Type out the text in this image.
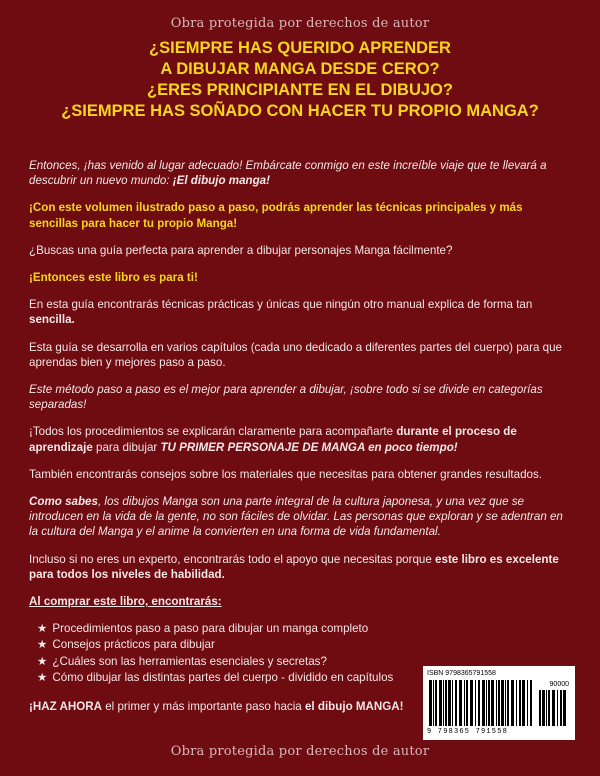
Obra protegida por derechos de autor
¿SIEMPRE HAS QUERIDO APRENDER
A DIBUJAR MANGA DESDE CERO?
¿ERES PRINCIPIANTE EN EL DIBUJO?
¿SIEMPRE HAS SOÑADO CON HACER TU PROPIO MANGA?

Entonces, ¡has venido al lugar adecuado! Embárcate conmigo en este increíble viaje que te llevará a descubrir un nuevo mundo: ¡El dibujo manga!

¡Con este volumen ilustrado paso a paso, podrás aprender las técnicas principales y más sencillas para hacer tu propio Manga!

¿Buscas una guía perfecta para aprender a dibujar personajes Manga fácilmente?

¡Entonces este libro es para ti!

En esta guía encontrarás técnicas prácticas y únicas que ningún otro manual explica de forma tan sencilla.

Esta guía se desarrolla en varios capítulos (cada uno dedicado a diferentes partes del cuerpo) para que aprendas bien y mejores paso a paso.

Este método paso a paso es el mejor para aprender a dibujar, ¡sobre todo si se divide en categorías separadas!

¡Todos los procedimientos se explicarán claramente para acompañarte durante el proceso de aprendizaje para dibujar TU PRIMER PERSONAJE DE MANGA en poco tiempo!

También encontrarás consejos sobre los materiales que necesitas para obtener grandes resultados.

Como sabes, los dibujos Manga son una parte integral de la cultura japonesa, y una vez que se introducen en la vida de la gente, no son fáciles de olvidar. Las personas que exploran y se adentran en la cultura del Manga y el anime la convierten en una forma de vida fundamental.

Incluso si no eres un experto, encontrarás todo el apoyo que necesitas porque este libro es excelente para todos los niveles de habilidad.

Al comprar este libro, encontrarás:

★ Procedimientos paso a paso para dibujar un manga completo
★ Consejos prácticos para dibujar
★ ¿Cuáles son las herramientas esenciales y secretas?
★ Cómo dibujar las distintas partes del cuerpo - dividido en capítulos

¡HAZ AHORA el primer y más importante paso hacia el dibujo MANGA!

ISBN 9798365791558
90000
9 798365 791558
Obra protegida por derechos de autor
